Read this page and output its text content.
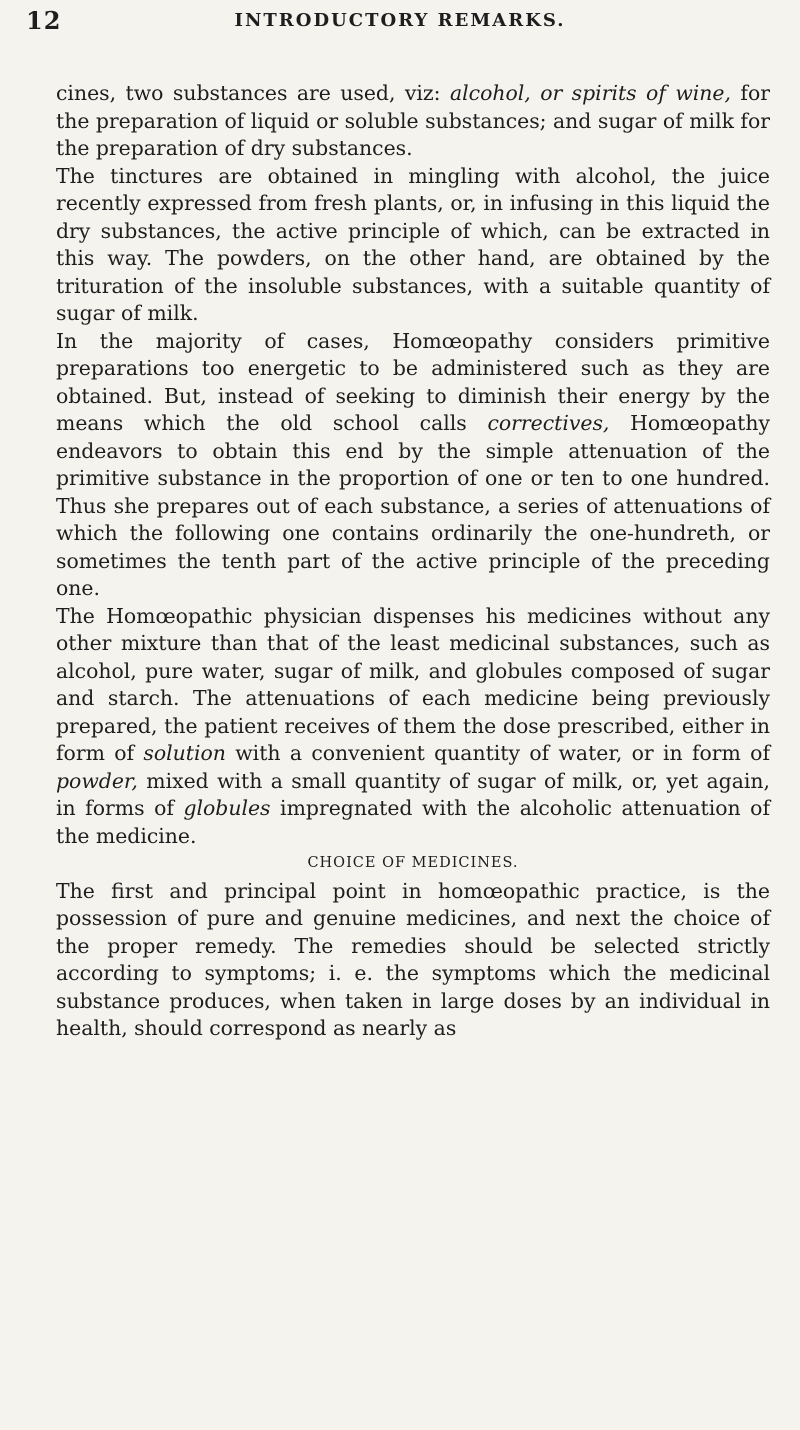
12	INTRODUCTORY REMARKS.

cines, two substances are used, viz: alcohol, or spirits of wine, for the preparation of liquid or soluble substances; and sugar of milk for the preparation of dry substances.

The tinctures are obtained in mingling with alcohol, the juice recently expressed from fresh plants, or, in infusing in this liquid the dry substances, the active principle of which, can be extracted in this way. The powders, on the other hand, are obtained by the trituration of the insoluble substances, with a suitable quantity of sugar of milk.

In the majority of cases, Homœopathy considers primitive preparations too energetic to be administered such as they are obtained. But, instead of seeking to diminish their energy by the means which the old school calls correctives, Homœopathy endeavors to obtain this end by the simple attenuation of the primitive substance in the proportion of one or ten to one hundred. Thus she prepares out of each substance, a series of attenuations of which the following one contains ordinarily the one-hundreth, or sometimes the tenth part of the active principle of the preceding one.

The Homœopathic physician dispenses his medicines without any other mixture than that of the least medicinal substances, such as alcohol, pure water, sugar of milk, and globules composed of sugar and starch. The attenuations of each medicine being previously prepared, the patient receives of them the dose prescribed, either in form of solution with a convenient quantity of water, or in form of powder, mixed with a small quantity of sugar of milk, or, yet again, in forms of globules impregnated with the alcoholic attenuation of the medicine.

CHOICE OF MEDICINES.

The first and principal point in homœopathic practice, is the possession of pure and genuine medicines, and next the choice of the proper remedy. The remedies should be selected strictly according to symptoms; i. e. the symptoms which the medicinal substance produces, when taken in large doses by an individual in health, should correspond as nearly as
